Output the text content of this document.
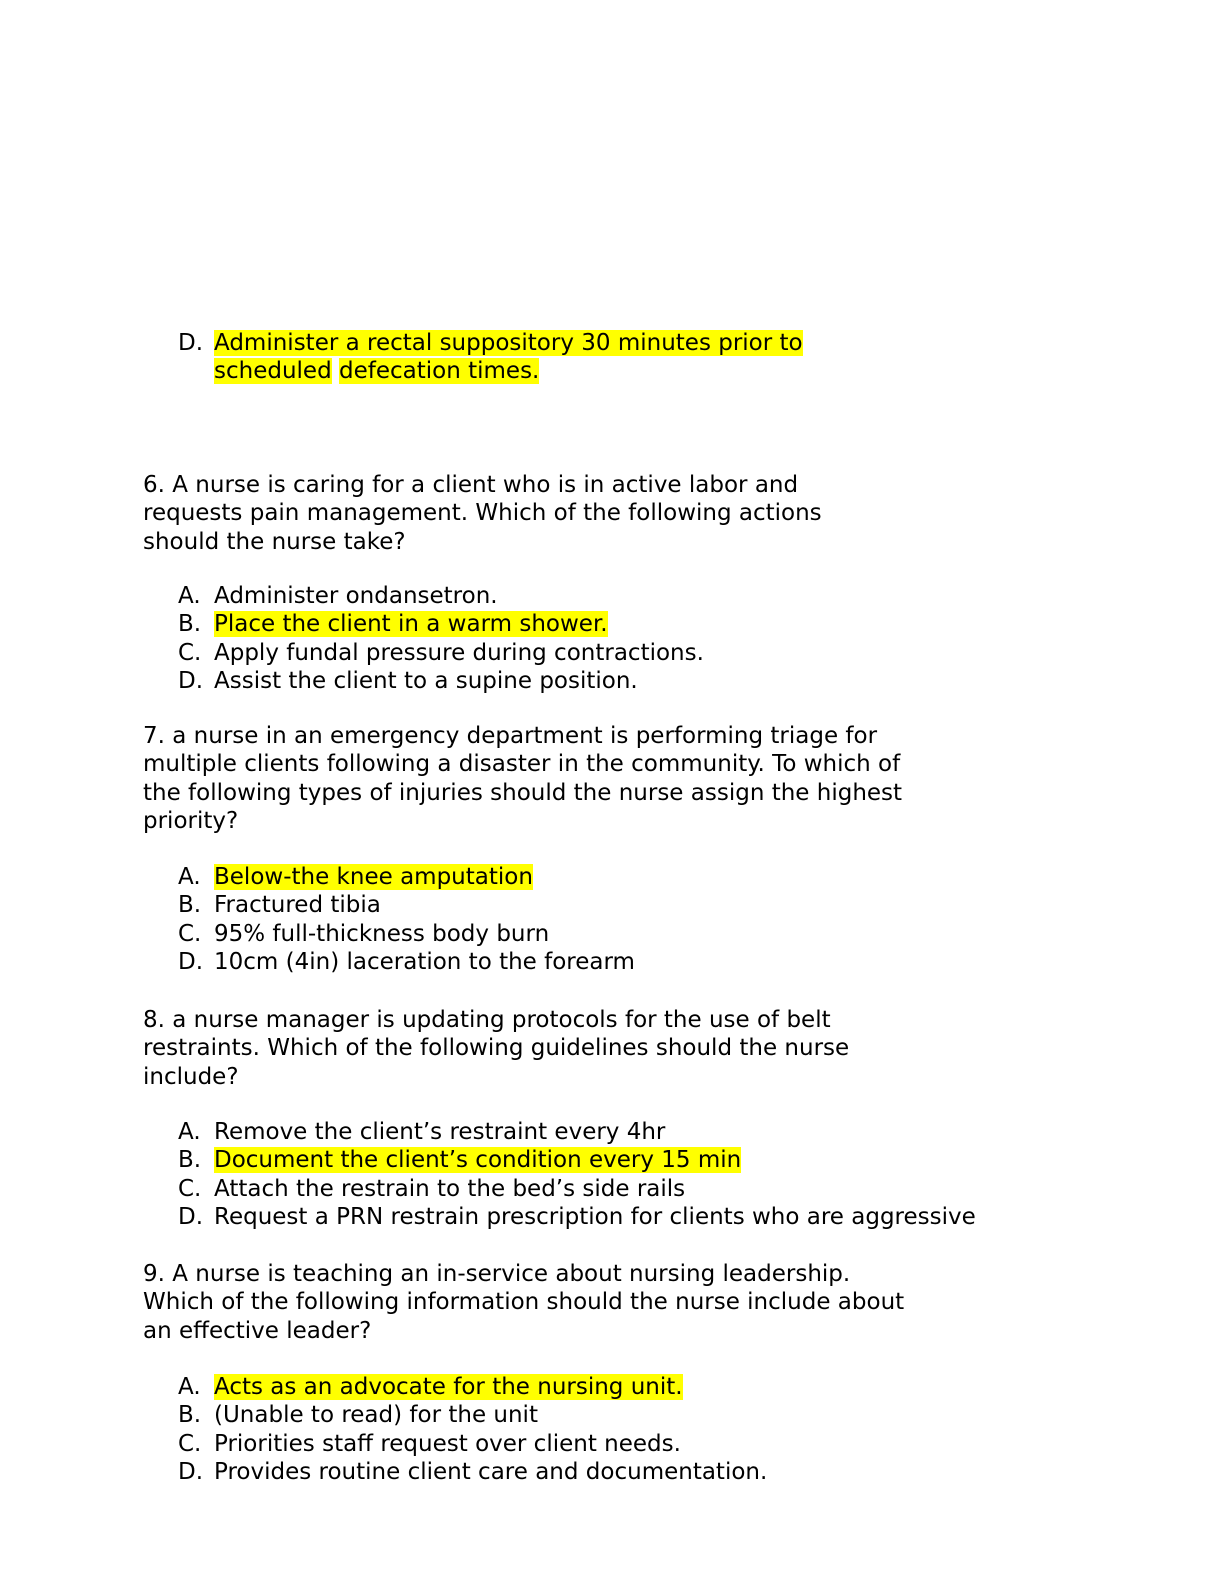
D. Administer a rectal suppository 30 minutes prior to
scheduled defecation times.
6. A nurse is caring for a client who is in active labor and
requests pain management. Which of the following actions
should the nurse take?
A. Administer ondansetron.
B. Place the client in a warm shower.
C. Apply fundal pressure during contractions.
D. Assist the client to a supine position.
7. a nurse in an emergency department is performing triage for
multiple clients following a disaster in the community. To which of
the following types of injuries should the nurse assign the highest
priority?
A. Below-the knee amputation
B. Fractured tibia
C. 95% full-thickness body burn
D. 10cm (4in) laceration to the forearm
8. a nurse manager is updating protocols for the use of belt
restraints. Which of the following guidelines should the nurse
include?
A. Remove the client’s restraint every 4hr
B. Document the client’s condition every 15 min
C. Attach the restrain to the bed’s side rails
D. Request a PRN restrain prescription for clients who are aggressive
9. A nurse is teaching an in-service about nursing leadership.
Which of the following information should the nurse include about
an effective leader?
A. Acts as an advocate for the nursing unit.
B. (Unable to read) for the unit
C. Priorities staff request over client needs.
D. Provides routine client care and documentation.
